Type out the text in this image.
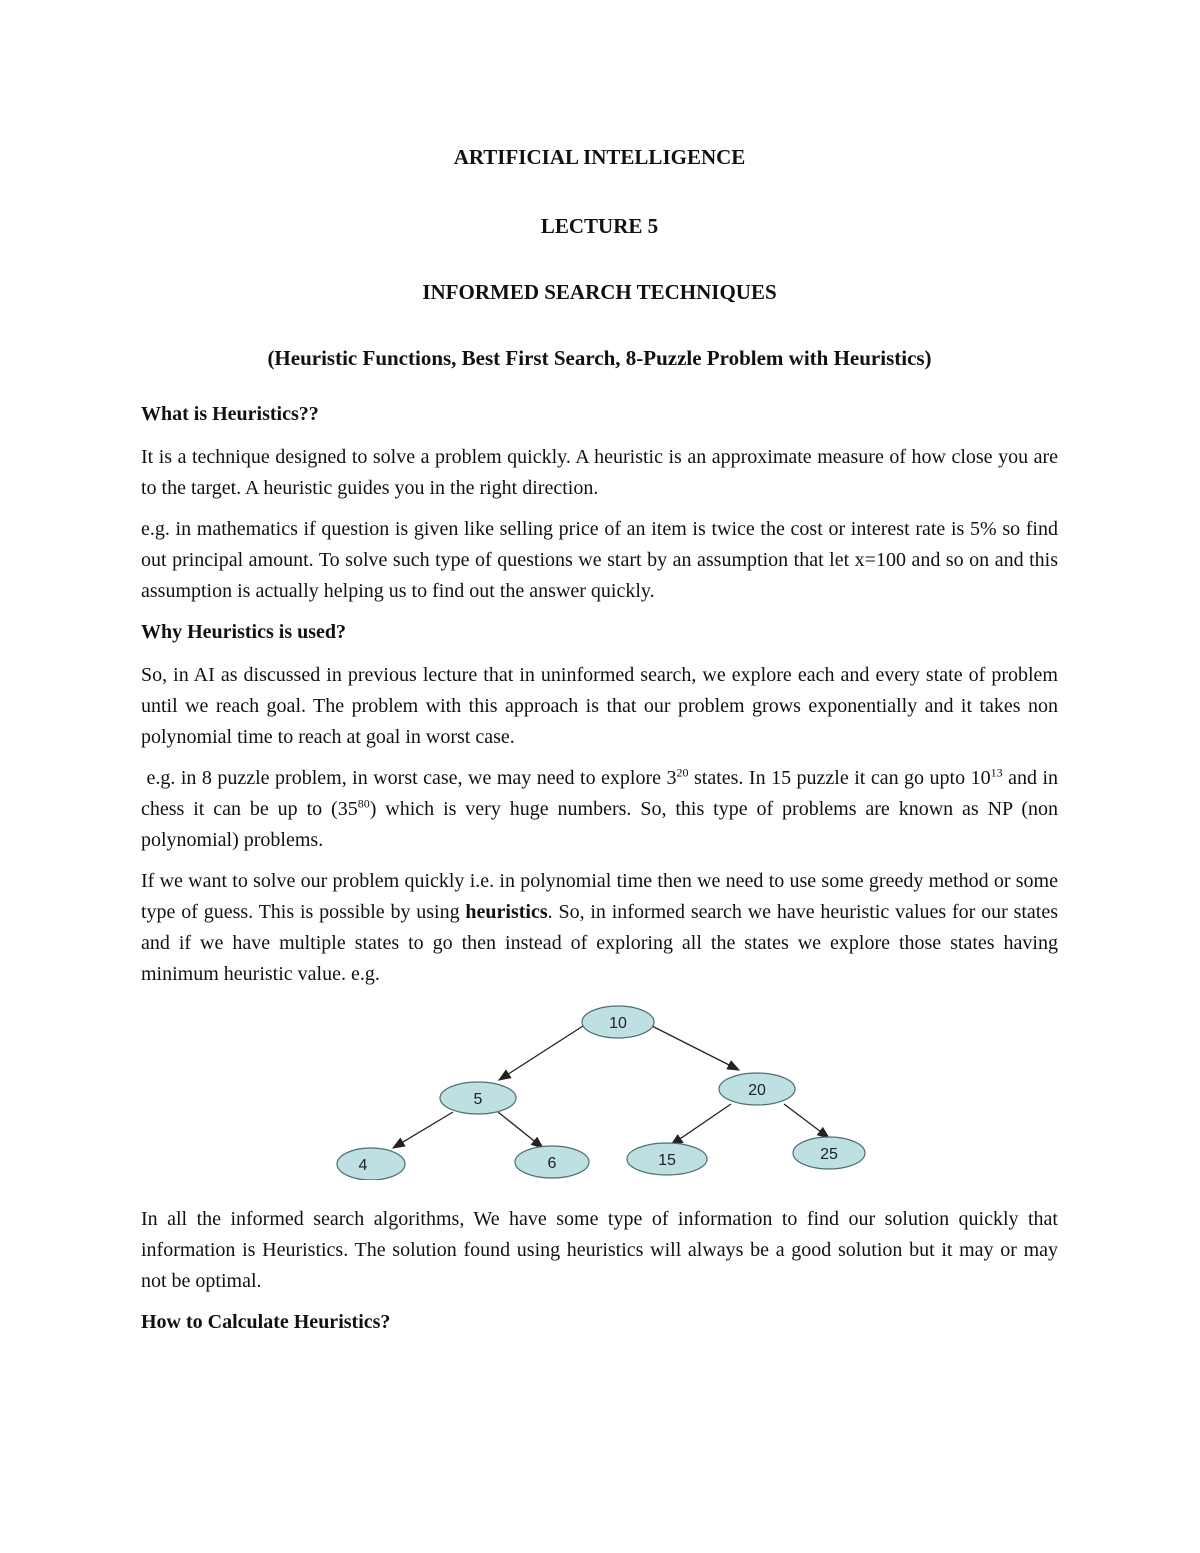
ARTIFICIAL INTELLIGENCE
LECTURE 5
INFORMED SEARCH TECHNIQUES
(Heuristic Functions, Best First Search, 8-Puzzle Problem with Heuristics)
What is Heuristics??

It is a technique designed to solve a problem quickly. A heuristic is an approximate measure of how close you are to the target. A heuristic guides you in the right direction.

e.g. in mathematics if question is given like selling price of an item is twice the cost or interest rate is 5% so find out principal amount. To solve such type of questions we start by an assumption that let x=100 and so on and this assumption is actually helping us to find out the answer quickly.

Why Heuristics is used?

So, in AI as discussed in previous lecture that in uninformed search, we explore each and every state of problem until we reach goal. The problem with this approach is that our problem grows exponentially and it takes non polynomial time to reach at goal in worst case.

e.g. in 8 puzzle problem, in worst case, we may need to explore $3^{20}$ states. In 15 puzzle it can go upto $10^{13}$ and in chess it can be up to $(35^{80})$ which is very huge numbers. So, this type of problems are known as NP (non polynomial) problems.

If we want to solve our problem quickly i.e. in polynomial time then we need to use some greedy method or some type of guess. This is possible by using heuristics. So, in informed search we have heuristic values for our states and if we have multiple states to go then instead of exploring all the states we explore those states having minimum heuristic value. e.g.

10
5
20
4	6	15	25

In all the informed search algorithms, We have some type of information to find our solution quickly that information is Heuristics. The solution found using heuristics will always be a good solution but it may or may not be optimal.

How to Calculate Heuristics?
